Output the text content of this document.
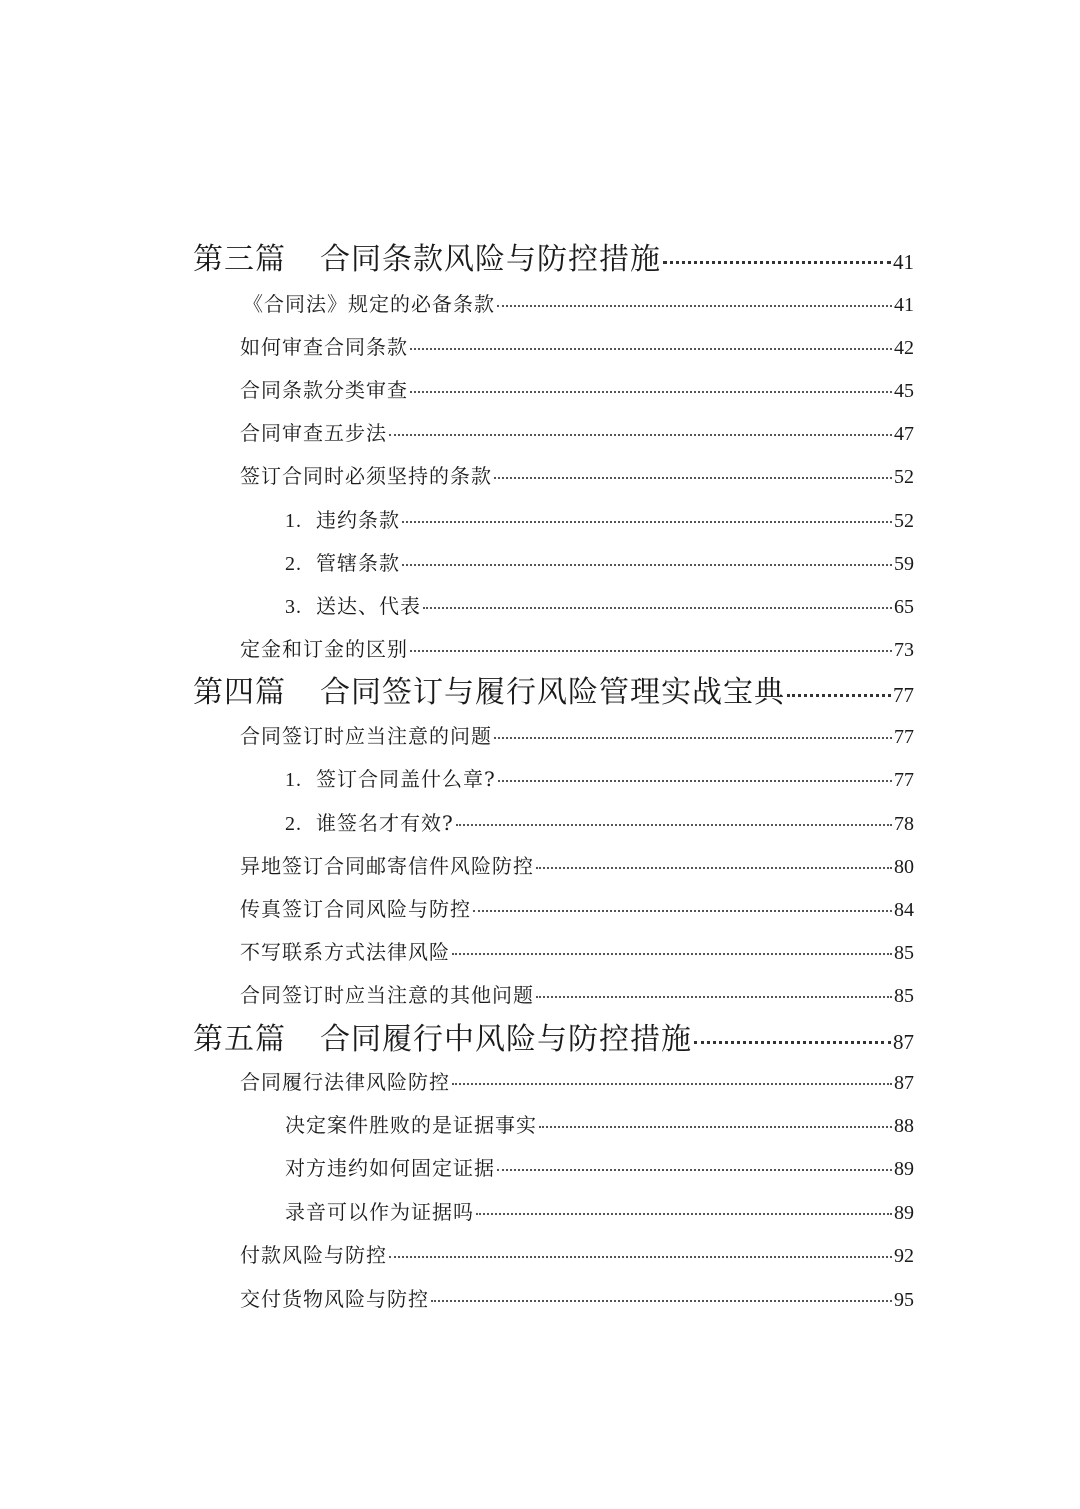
第三篇 合同条款风险与防控措施	41
《合同法》规定的必备条款	41
如何审查合同条款	42
合同条款分类审查	45
合同审查五步法	47
签订合同时必须坚持的条款	52
1. 违约条款	52
2. 管辖条款	59
3. 送达、代表	65
定金和订金的区别	73
第四篇 合同签订与履行风险管理实战宝典	77
合同签订时应当注意的问题	77
1. 签订合同盖什么章?	77
2. 谁签名才有效?	78
异地签订合同邮寄信件风险防控	80
传真签订合同风险与防控	84
不写联系方式法律风险	85
合同签订时应当注意的其他问题	85
第五篇 合同履行中风险与防控措施	87
合同履行法律风险防控	87
决定案件胜败的是证据事实	88
对方违约如何固定证据	89
录音可以作为证据吗	89
付款风险与防控	92
交付货物风险与防控	95
